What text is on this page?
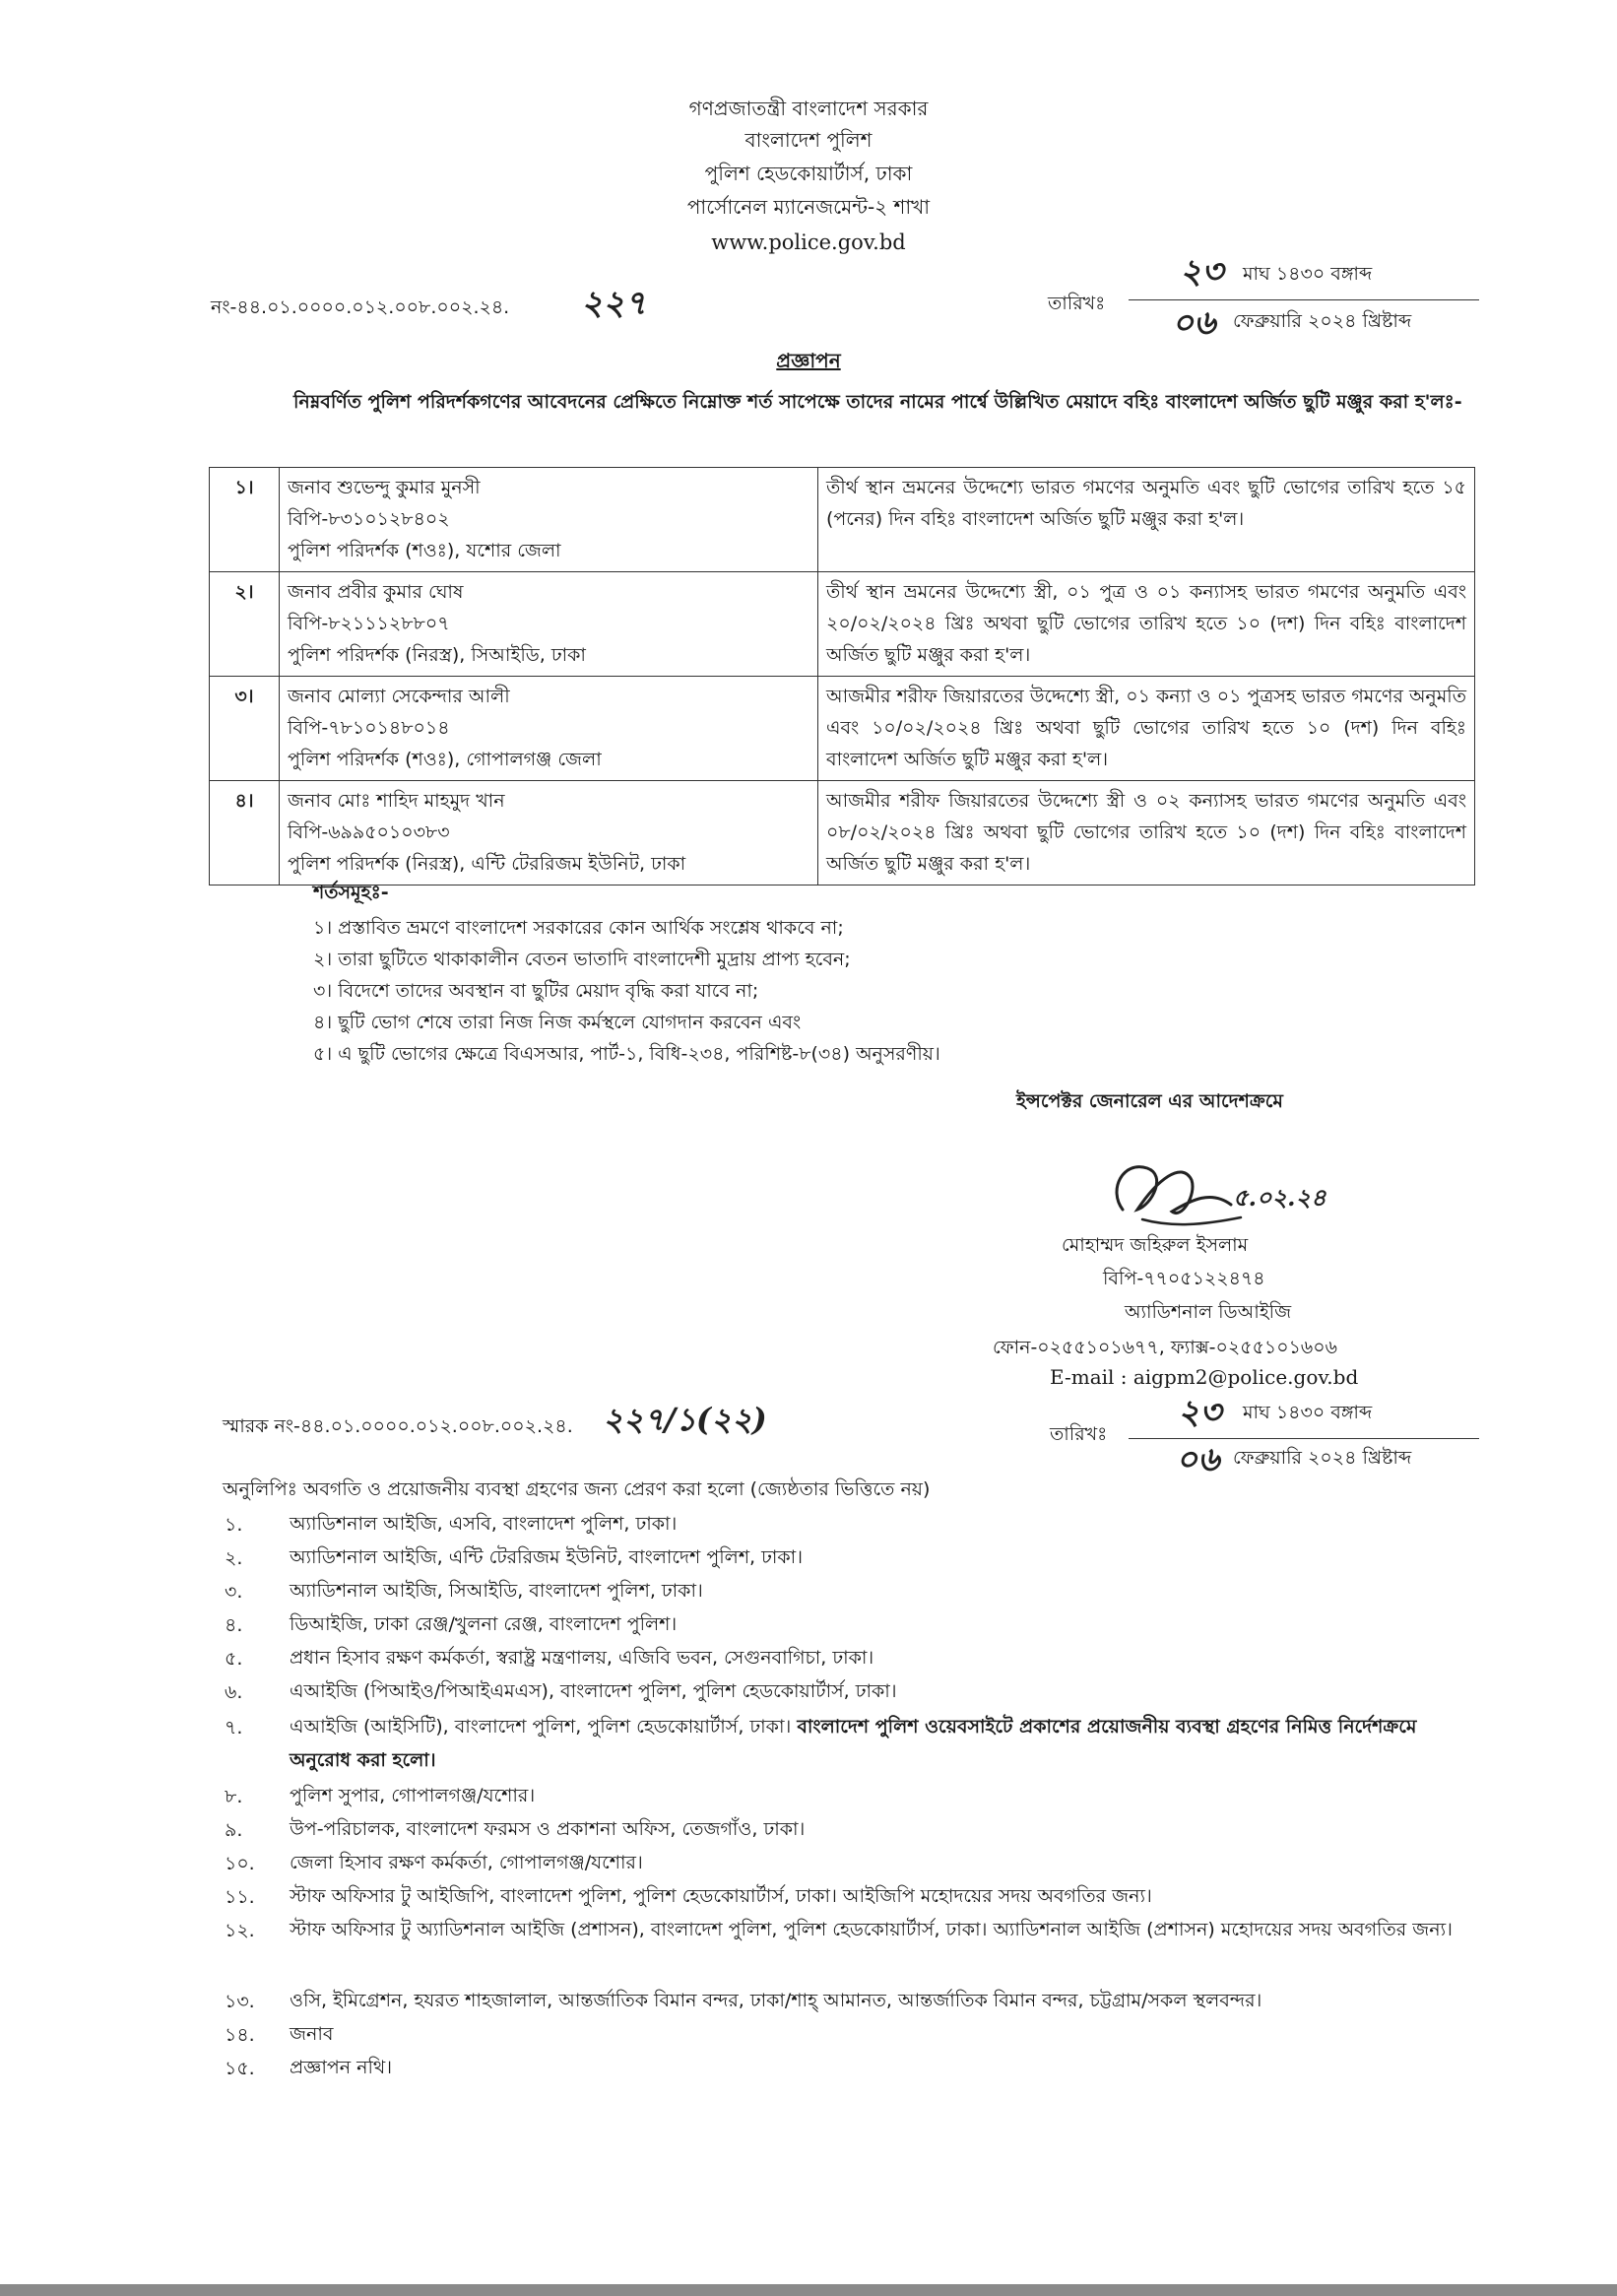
গণপ্রজাতন্ত্রী বাংলাদেশ সরকার
বাংলাদেশ পুলিশ
পুলিশ হেডকোয়ার্টার্স, ঢাকা
পার্সোনেল ম্যানেজমেন্ট-২ শাখা
www.police.gov.bd
নং-৪৪.০১.০০০০.০১২.০০৮.০০২.২৪. ২২৭	তারিখঃ
২৩ মাঘ ১৪৩০ বঙ্গাব্দ
০৬ ফেব্রুয়ারি ২০২৪ খ্রিষ্টাব্দ
প্রজ্ঞাপন
নিম্নবর্ণিত পুলিশ পরিদর্শকগণের আবেদনের প্রেক্ষিতে নিম্নোক্ত শর্ত সাপেক্ষে তাদের নামের পার্শ্বে উল্লিখিত মেয়াদে বহিঃ বাংলাদেশ অর্জিত ছুটি মঞ্জুর করা হ'লঃ-
১।	জনাব শুভেন্দু কুমার মুনসী
বিপি-৮৩১০১২৮৪০২
পুলিশ পরিদর্শক (শওঃ), যশোর জেলা	তীর্থ স্থান ভ্রমনের উদ্দেশ্যে ভারত গমণের অনুমতি এবং ছুটি ভোগের তারিখ হতে ১৫ (পনের) দিন বহিঃ বাংলাদেশ অর্জিত ছুটি মঞ্জুর করা হ'ল।
২।	জনাব প্রবীর কুমার ঘোষ
বিপি-৮২১১১২৮৮০৭
পুলিশ পরিদর্শক (নিরস্ত্র), সিআইডি, ঢাকা	তীর্থ স্থান ভ্রমনের উদ্দেশ্যে স্ত্রী, ০১ পুত্র ও ০১ কন্যাসহ ভারত গমণের অনুমতি এবং ২০/০২/২০২৪ খ্রিঃ অথবা ছুটি ভোগের তারিখ হতে ১০ (দশ) দিন বহিঃ বাংলাদেশ অর্জিত ছুটি মঞ্জুর করা হ'ল।
৩।	জনাব মোল্যা সেকেন্দার আলী
বিপি-৭৮১০১৪৮০১৪
পুলিশ পরিদর্শক (শওঃ), গোপালগঞ্জ জেলা	আজমীর শরীফ জিয়ারতের উদ্দেশ্যে স্ত্রী, ০১ কন্যা ও ০১ পুত্রসহ ভারত গমণের অনুমতি এবং ১০/০২/২০২৪ খ্রিঃ অথবা ছুটি ভোগের তারিখ হতে ১০ (দশ) দিন বহিঃ বাংলাদেশ অর্জিত ছুটি মঞ্জুর করা হ'ল।
৪।	জনাব মোঃ শাহিদ মাহমুদ খান
বিপি-৬৯৯৫০১০৩৮৩
পুলিশ পরিদর্শক (নিরস্ত্র), এন্টি টেররিজম ইউনিট, ঢাকা	আজমীর শরীফ জিয়ারতের উদ্দেশ্যে স্ত্রী ও ০২ কন্যাসহ ভারত গমণের অনুমতি এবং ০৮/০২/২০২৪ খ্রিঃ অথবা ছুটি ভোগের তারিখ হতে ১০ (দশ) দিন বহিঃ বাংলাদেশ অর্জিত ছুটি মঞ্জুর করা হ'ল।
শর্তসমূহঃ-
১। প্রস্তাবিত ভ্রমণে বাংলাদেশ সরকারের কোন আর্থিক সংশ্লেষ থাকবে না;
২। তারা ছুটিতে থাকাকালীন বেতন ভাতাদি বাংলাদেশী মুদ্রায় প্রাপ্য হবেন;
৩। বিদেশে তাদের অবস্থান বা ছুটির মেয়াদ বৃদ্ধি করা যাবে না;
৪। ছুটি ভোগ শেষে তারা নিজ নিজ কর্মস্থলে যোগদান করবেন এবং
৫। এ ছুটি ভোগের ক্ষেত্রে বিএসআর, পার্ট-১, বিধি-২৩৪, পরিশিষ্ট-৮(৩৪) অনুসরণীয়।
ইন্সপেক্টর জেনারেল এর আদেশক্রমে
৫.০২.২৪
মোহাম্মদ জহিরুল ইসলাম
বিপি-৭৭০৫১২২৪৭৪
অ্যাডিশনাল ডিআইজি
ফোন-০২৫৫১০১৬৭৭, ফ্যাক্স-০২৫৫১০১৬০৬
E-mail : aigpm2@police.gov.bd
স্মারক নং-৪৪.০১.০০০০.০১২.০০৮.০০২.২৪. ২২৭/১(২২)	তারিখঃ
২৩ মাঘ ১৪৩০ বঙ্গাব্দ
০৬ ফেব্রুয়ারি ২০২৪ খ্রিষ্টাব্দ
অনুলিপিঃ অবগতি ও প্রয়োজনীয় ব্যবস্থা গ্রহণের জন্য প্রেরণ করা হলো (জ্যেষ্ঠতার ভিত্তিতে নয়)
১.	অ্যাডিশনাল আইজি, এসবি, বাংলাদেশ পুলিশ, ঢাকা।
২.	অ্যাডিশনাল আইজি, এন্টি টেররিজম ইউনিট, বাংলাদেশ পুলিশ, ঢাকা।
৩.	অ্যাডিশনাল আইজি, সিআইডি, বাংলাদেশ পুলিশ, ঢাকা।
৪.	ডিআইজি, ঢাকা রেঞ্জ/খুলনা রেঞ্জ, বাংলাদেশ পুলিশ।
৫.	প্রধান হিসাব রক্ষণ কর্মকর্তা, স্বরাষ্ট্র মন্ত্রণালয়, এজিবি ভবন, সেগুনবাগিচা, ঢাকা।
৬.	এআইজি (পিআইও/পিআইএমএস), বাংলাদেশ পুলিশ, পুলিশ হেডকোয়ার্টার্স, ঢাকা।
৭.	এআইজি (আইসিটি), বাংলাদেশ পুলিশ, পুলিশ হেডকোয়ার্টার্স, ঢাকা। বাংলাদেশ পুলিশ ওয়েবসাইটে প্রকাশের প্রয়োজনীয় ব্যবস্থা গ্রহণের নিমিত্ত নির্দেশক্রমে অনুরোধ করা হলো।
৮.	পুলিশ সুপার, গোপালগঞ্জ/যশোর।
৯.	উপ-পরিচালক, বাংলাদেশ ফরমস ও প্রকাশনা অফিস, তেজগাঁও, ঢাকা।
১০. জেলা হিসাব রক্ষণ কর্মকর্তা, গোপালগঞ্জ/যশোর।
১১. স্টাফ অফিসার টু আইজিপি, বাংলাদেশ পুলিশ, পুলিশ হেডকোয়ার্টার্স, ঢাকা। আইজিপি মহোদয়ের সদয় অবগতির জন্য।
১২. স্টাফ অফিসার টু অ্যাডিশনাল আইজি (প্রশাসন), বাংলাদেশ পুলিশ, পুলিশ হেডকোয়ার্টার্স, ঢাকা। অ্যাডিশনাল আইজি (প্রশাসন) মহোদয়ের সদয় অবগতির জন্য।
১৩. ওসি, ইমিগ্রেশন, হযরত শাহজালাল, আন্তর্জাতিক বিমান বন্দর, ঢাকা/শাহ্ আমানত, আন্তর্জাতিক বিমান বন্দর, চট্টগ্রাম/সকল স্থলবন্দর।
১৪. জনাব
১৫. প্রজ্ঞাপন নথি।
